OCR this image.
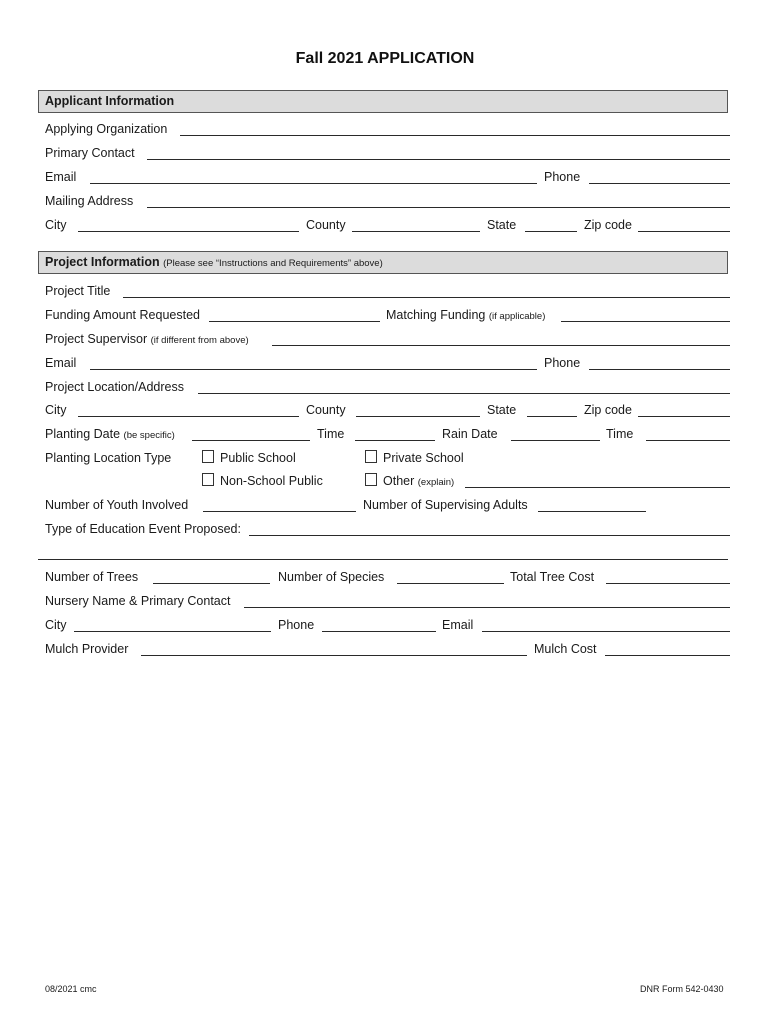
Fall 2021 APPLICATION
Applicant Information
Applying Organization
Primary Contact
Email	Phone
Mailing Address
City	County	State	Zip code
Project Information (Please see “Instructions and Requirements” above)
Project Title
Funding Amount Requested	Matching Funding (if applicable)
Project Supervisor (if different from above)
Email	Phone
Project Location/Address
City	County	State	Zip code
Planting Date (be specific)	Time	Rain Date	Time
Planting Location Type	Public School	Private School
Non-School Public	Other (explain)
Number of Youth Involved	Number of Supervising Adults
Type of Education Event Proposed:
Number of Trees	Number of Species	Total Tree Cost
Nursery Name & Primary Contact
City	Phone	Email
Mulch Provider	Mulch Cost
08/2021 cmc	DNR Form 542-0430
